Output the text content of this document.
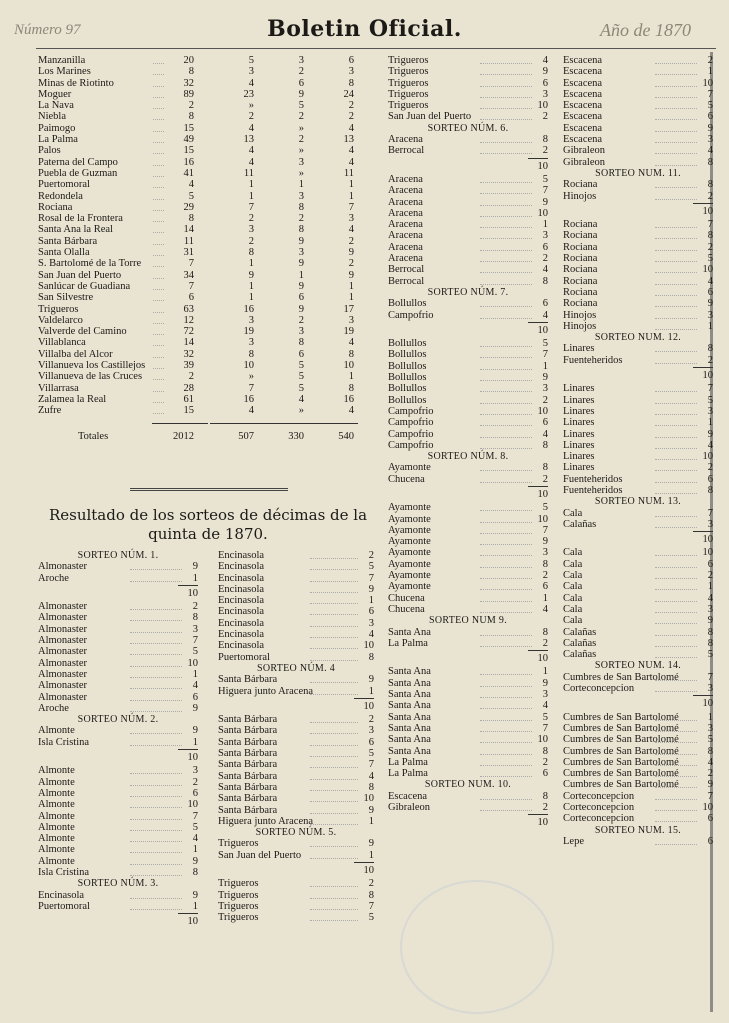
Número 97	Boletin Oficial.	Año de 1870
Manzanilla	20	5	3	6
Los Marines	8	3	2	3
Minas de Riotinto	32	4	6	8
Moguer	89	23	9	24
La Nava	2	»	5	2
Niebla	8	2	2	2
Paimogo	15	4	»	4
La Palma	49	13	2	13
Palos	15	4	»	4
Paterna del Campo	16	4	3	4
Puebla de Guzman	41	11	»	11
Puertomoral	4	1	1	1
Redondela	5	1	3	1
Rociana	29	7	8	7
Rosal de la Frontera	8	2	2	3
Santa Ana la Real	14	3	8	4
Santa Bárbara	11	2	9	2
Santa Olalla	31	8	3	9
S. Bartolomé de la Torre	7	1	9	2
San Juan del Puerto	34	9	1	9
Sanlúcar de Guadiana	7	1	9	1
San Silvestre	6	1	6	1
Trigueros	63	16	9	17
Valdelarco	12	3	2	3
Valverde del Camino	72	19	3	19
Villablanca	14	3	8	4
Villalba del Alcor	32	8	6	8
Villanueva los Castillejos	39	10	5	10
Villanueva de las Cruces	2	»	5	1
Villarrasa	28	7	5	8
Zalamea la Real	61	16	4	16
Zufre	15	4	»	4
Totales	2012	507	330	540
Resultado de los sorteos de décimas de la quinta de 1870.
SORTEO NÚM. 1.
Almonaster	9
Aroche	1
10
Almonaster	2
Almonaster	8
Almonaster	3
Almonaster	7
Almonaster	5
Almonaster	10
Almonaster	1
Almonaster	4
Almonaster	6
Aroche	9
SORTEO NÚM. 2.
Almonte	9
Isla Cristina	1
10
Almonte	3
Almonte	2
Almonte	6
Almonte	10
Almonte	7
Almonte	5
Almonte	4
Almonte	1
Almonte	9
Isla Cristina	8
SORTEO NÚM. 3.
Encinasola	9
Puertomoral	1
10
Encinasola	2
Encinasola	5
Encinasola	7
Encinasola	9
Encinasola	1
Encinasola	6
Encinasola	3
Encinasola	4
Encinasola	10
Puertomoral	8
SORTEO NÚM. 4
Santa Bárbara	9
Higuera junto Aracena	1
10
Santa Bárbara	2
Santa Bárbara	3
Santa Bárbara	6
Santa Bárbara	5
Santa Bárbara	7
Santa Bárbara	4
Santa Bárbara	8
Santa Bárbara	10
Santa Bárbara	9
Higuera junto Aracena	1
SORTEO NÚM. 5.
Trigueros	9
San Juan del Puerto	1
10
Trigueros	2
Trigueros	8
Trigueros	7
Trigueros	5
Trigueros	4
Trigueros	9
Trigueros	6
Trigueros	3
Trigueros	10
San Juan del Puerto	2
SORTEO NÚM. 6.
Aracena	8
Berrocal	2
10
Aracena	5
Aracena	7
Aracena	9
Aracena	10
Aracena	1
Aracena	3
Aracena	6
Aracena	2
Berrocal	4
Berrocal	8
SORTEO NÚM. 7.
Bollullos	6
Campofrio	4
10
Bollullos	5
Bollullos	7
Bollullos	1
Bollullos	9
Bollullos	3
Bollullos	2
Campofrio	10
Campofrio	6
Campofrio	4
Campofrio	8
SORTEO NÚM. 8.
Ayamonte	8
Chucena	2
10
Ayamonte	5
Ayamonte	10
Ayamonte	7
Ayamonte	9
Ayamonte	3
Ayamonte	8
Ayamonte	2
Ayamonte	6
Chucena	1
Chucena	4
SORTEO NUM 9.
Santa Ana	8
La Palma	2
10
Santa Ana	1
Santa Ana	9
Santa Ana	3
Santa Ana	4
Santa Ana	5
Santa Ana	7
Santa Ana	10
Santa Ana	8
La Palma	2
La Palma	6
SORTEO NUM. 10.
Escacena	8
Gibraleon	2
10
Escacena	2
Escacena	1
Escacena	10
Escacena	7
Escacena	5
Escacena	6
Escacena	9
Escacena	3
Gibraleon	4
Gibraleon	8
SORTEO NUM. 11.
Rociana	8
Hinojos	2
10
Rociana	7
Rociana	8
Rociana	2
Rociana	5
Rociana	10
Rociana	4
Rociana	6
Rociana	9
Hinojos	3
Hinojos	1
SORTEO NUM. 12.
Linares	8
Fuenteheridos	2
10
Linares	7
Linares	5
Linares	3
Linares	1
Linares	9
Linares	4
Linares	10
Linares	2
Fuenteheridos	6
Fuenteheridos	8
SORTEO NUM. 13.
Cala	7
Calañas	3
10
Cala	10
Cala	6
Cala	2
Cala	1
Cala	4
Cala	3
Cala	9
Calañas	8
Calañas	8
Calañas	5
SORTEO NUM. 14.
Cumbres de San Bartolomé	7
Corteconcepcion	3
10
Cumbres de San Bartolomé	1
Cumbres de San Bartolomé	3
Cumbres de San Bartolomé	5
Cumbres de San Bartolomé	8
Cumbres de San Bartolomé	4
Cumbres de San Bartolomé	2
Cumbres de San Bartolomé	9
Corteconcepcion	7
Corteconcepcion	10
Corteconcepcion	6
SORTEO NUM. 15.
Lepe	6
